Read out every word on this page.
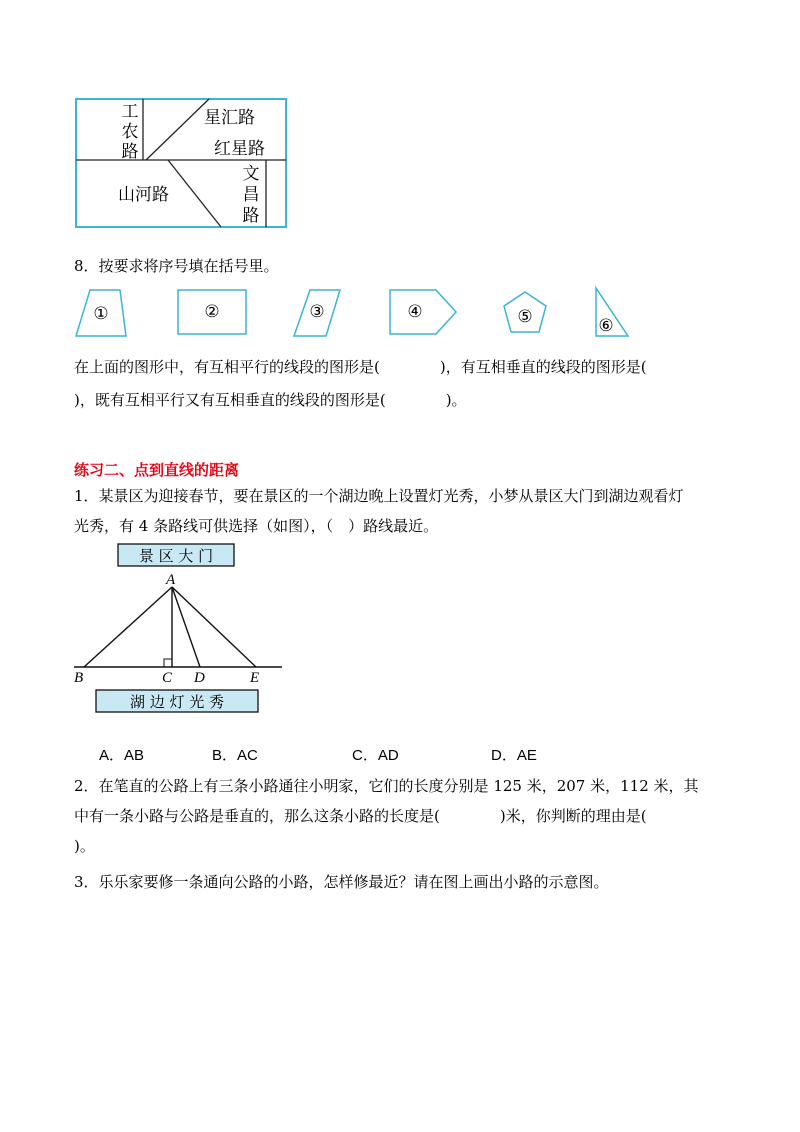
工
农
路
星汇路
红星路
山河路
文
昌
路
8．按要求将序号填在括号里。
①	②	③	④	⑤	⑥
在上面的图形中，有互相平行的线段的图形是(　　　　)，有互相垂直的线段的图形是(
)，既有互相平行又有互相垂直的线段的图形是(　　　　)。
练习二、点到直线的距离
1．某景区为迎接春节，要在景区的一个湖边晚上设置灯光秀，小梦从景区大门到湖边观看灯
光秀，有 4 条路线可供选择（如图），（　）路线最近。
景 区 大 门
A
B	C D	E
湖 边 灯 光 秀
A．AB	B．AC	C．AD	D．AE
2．在笔直的公路上有三条小路通往小明家，它们的长度分别是 125 米，207 米，112 米，其
中有一条小路与公路是垂直的，那么这条小路的长度是(　　　　)米，你判断的理由是(
)。
3．乐乐家要修一条通向公路的小路，怎样修最近？请在图上画出小路的示意图。
